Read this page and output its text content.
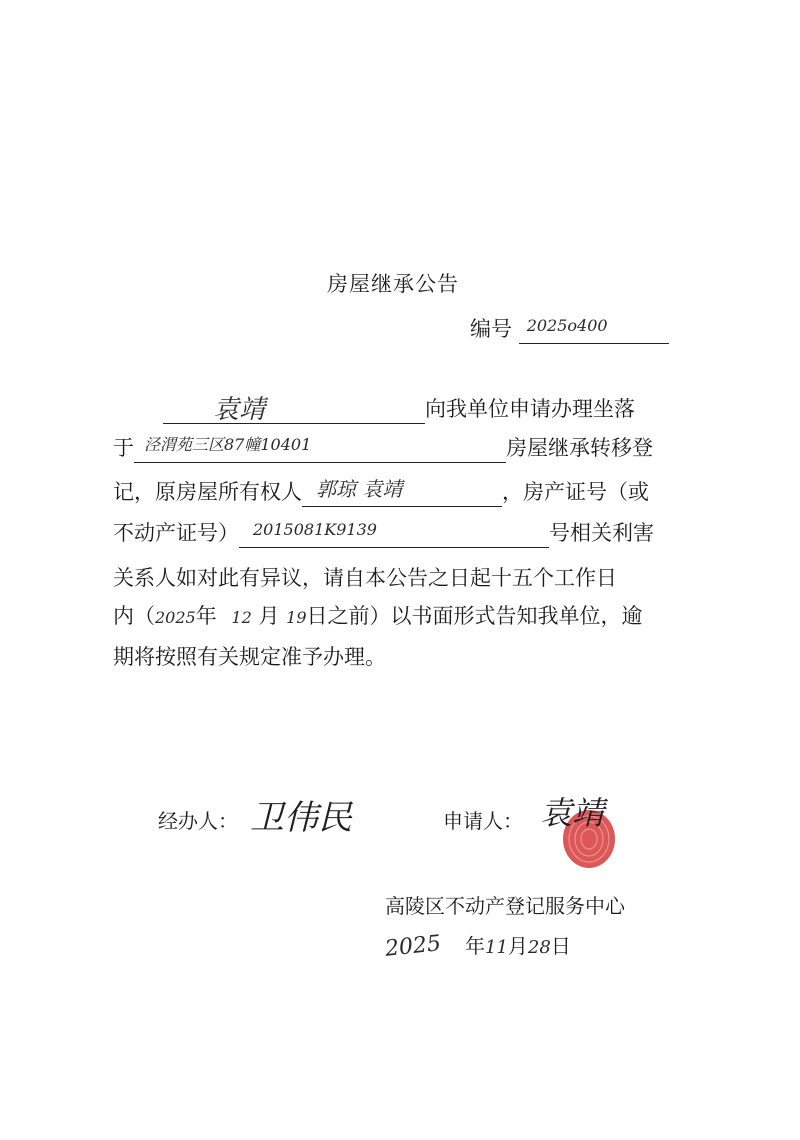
房屋继承公告
编号 2025o400
袁靖	向我单位申请办理坐落
于 泾渭苑三区87幢10401	房屋继承转移登
记，原房屋所有权人 郭琼 袁靖	，房产证号（或
不动产证号） 2015081K9139	号相关利害
关系人如对此有异议，请自本公告之日起十五个工作日
内（2025年 12 月 19日之前）以书面形式告知我单位，逾
期将按照有关规定准予办理。
经办人： 卫伟民	申请人： 袁靖
高陵区不动产登记服务中心
2025 年11月28日
